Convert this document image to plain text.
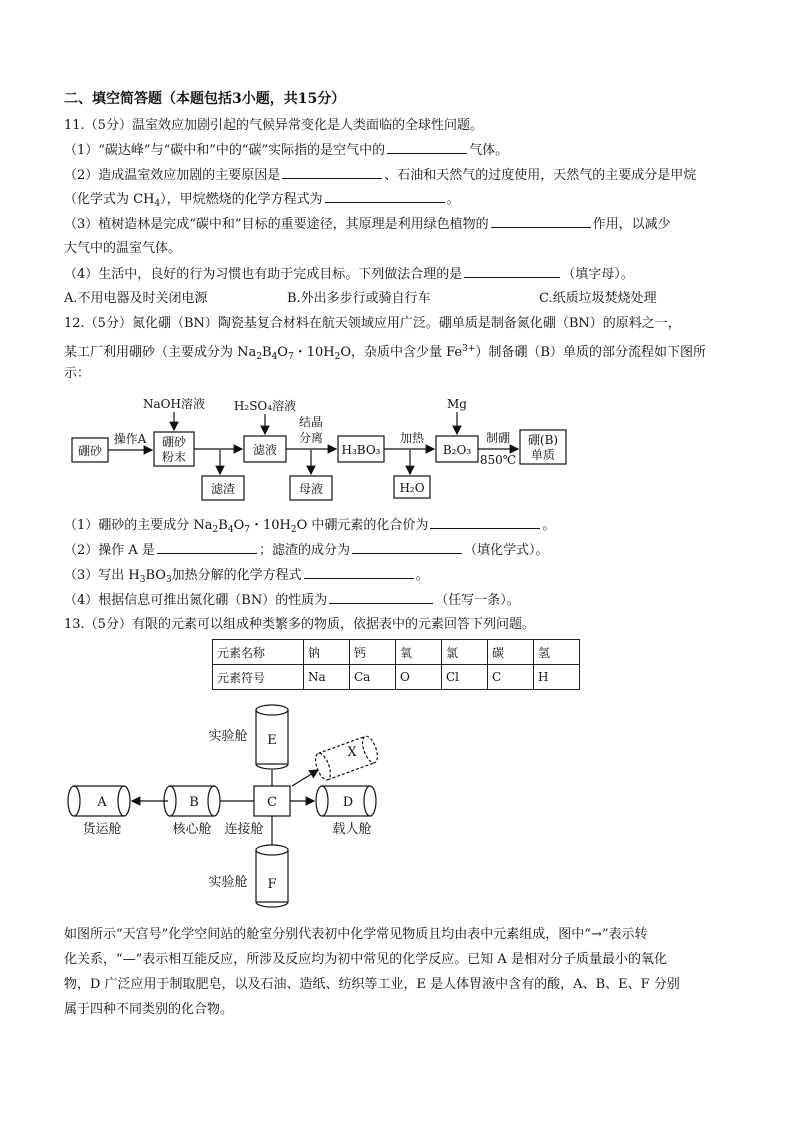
二、填空简答题（本题包括3小题，共15分）
11.（5分）温室效应加剧引起的气候异常变化是人类面临的全球性问题。
（1）“碳达峰”与“碳中和”中的“碳”实际指的是空气中的	气体。
（2）造成温室效应加剧的主要原因是	、石油和天然气的过度使用，天然气的主要成分是甲烷
（化学式为 $CH_4$），甲烷燃烧的化学方程式为	。
（3）植树造林是完成“碳中和”目标的重要途径，其原理是利用绿色植物的	作用，以减少
大气中的温室气体。
（4）生活中，良好的行为习惯也有助于完成目标。下列做法合理的是	（填字母）。
A.不用电器及时关闭电源	B.外出多步行或骑自行车	C.纸质垃圾焚烧处理
12.（5分）氮化硼（BN）陶瓷基复合材料在航天领域应用广泛。硼单质是制备氮化硼（BN）的原料之一，
某工厂利用硼砂（主要成分为 $Na_2B_4O_7$・$10H_2O$，杂质中含少量 $Fe^{3+}$）制备硼（B）单质的部分流程如下图所
示：
硼砂
操作A 硼砂
粉末
NaOH溶液
滤渣
H₂SO₄溶液
滤液
结晶
分离
母液
H₃BO₃
加热
H₂O
Mg
B₂O₃
制硼
850℃
硼(B)
单质
（1）硼砂的主要成分 $Na_2B_4O_7$・$10H_2O$ 中硼元素的化合价为	。
（2）操作 A 是	；滤渣的成分为	（填化学式）。
（3）写出 $H_3BO_3$加热分解的化学方程式	。
（4）根据信息可推出氮化硼（BN）的性质为	（任写一条）。
13.（5分）有限的元素可以组成种类繁多的物质，依据表中的元素回答下列问题。
元素名称	钠	钙	氧	氯	碳	氢
元素符号	Na	Ca	O	Cl	C	H
实验舱 E
X
A	B	C	D
货运舱	核心舱 连接舱	载人舱
实验舱 F
如图所示“天宫号”化学空间站的舱室分别代表初中化学常见物质且均由表中元素组成，图中“→”表示转
化关系，“—”表示相互能反应，所涉及反应均为初中常见的化学反应。已知 A 是相对分子质量最小的氧化
物，D 广泛应用于制取肥皂，以及石油、造纸、纺织等工业，E 是人体胃液中含有的酸，A、B、E、F 分别
属于四种不同类别的化合物。
